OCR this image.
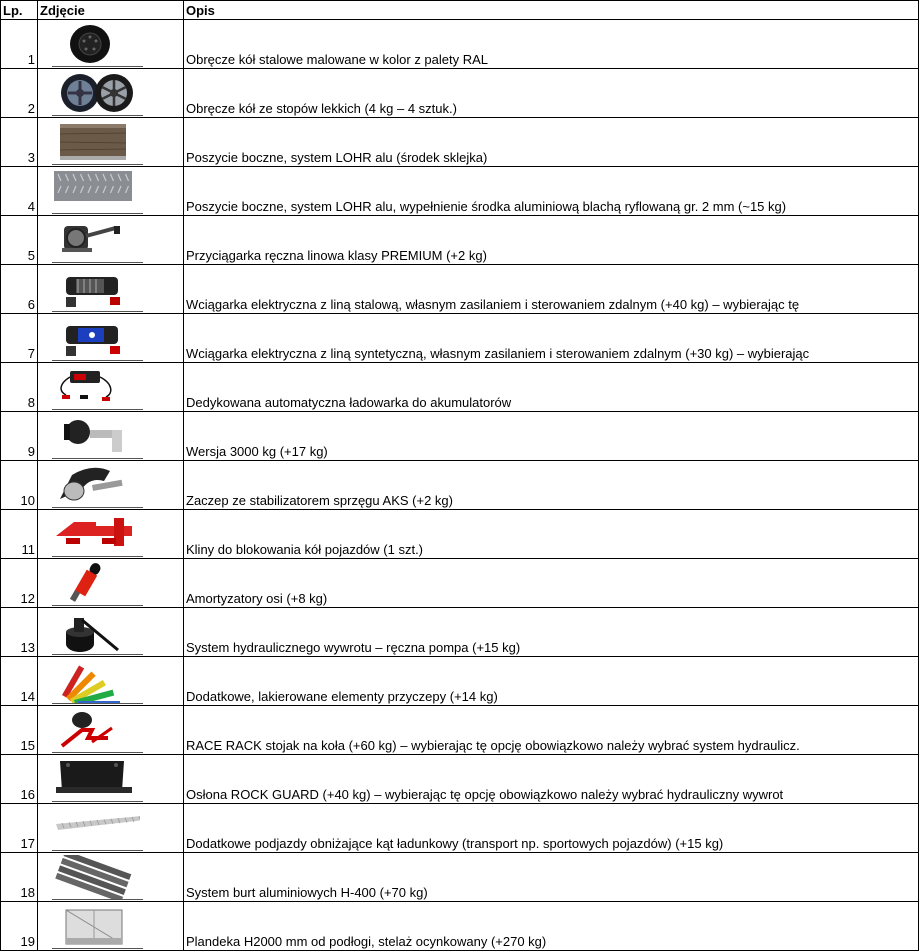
Lp.	Zdjęcie	Opis
1		Obręcze kół stalowe malowane w kolor z palety RAL
2		Obręcze kół ze stopów lekkich (4 kg – 4 sztuk.)
3		Poszycie boczne, system LOHR alu (środek sklejka)
4		Poszycie boczne, system LOHR alu, wypełnienie środka aluminiową blachą ryflowaną gr. 2 mm (~15 kg)
5		Przyciągarka ręczna linowa klasy PREMIUM (+2 kg)
6		Wciągarka elektryczna z liną stalową, własnym zasilaniem i sterowaniem zdalnym (+40 kg) – wybierając tę
7		Wciągarka elektryczna z liną syntetyczną, własnym zasilaniem i sterowaniem zdalnym (+30 kg) – wybierając
8		Dedykowana automatyczna ładowarka do akumulatorów
9		Wersja 3000 kg (+17 kg)
10		Zaczep ze stabilizatorem sprzęgu AKS (+2 kg)
11		Kliny do blokowania kół pojazdów (1 szt.)
12		Amortyzatory osi (+8 kg)
13		System hydraulicznego wywrotu – ręczna pompa (+15 kg)
14		Dodatkowe, lakierowane elementy przyczepy (+14 kg)
15		RACE RACK stojak na koła (+60 kg) – wybierając tę opcję obowiązkowo należy wybrać system hydraulicz.
16		Osłona ROCK GUARD (+40 kg) – wybierając tę opcję obowiązkowo należy wybrać hydrauliczny wywrot
17		Dodatkowe podjazdy obniżające kąt ładunkowy (transport np. sportowych pojazdów) (+15 kg)
18		System burt aluminiowych H-400 (+70 kg)
19		Plandeka H2000 mm od podłogi, stelaż ocynkowany (+270 kg)
